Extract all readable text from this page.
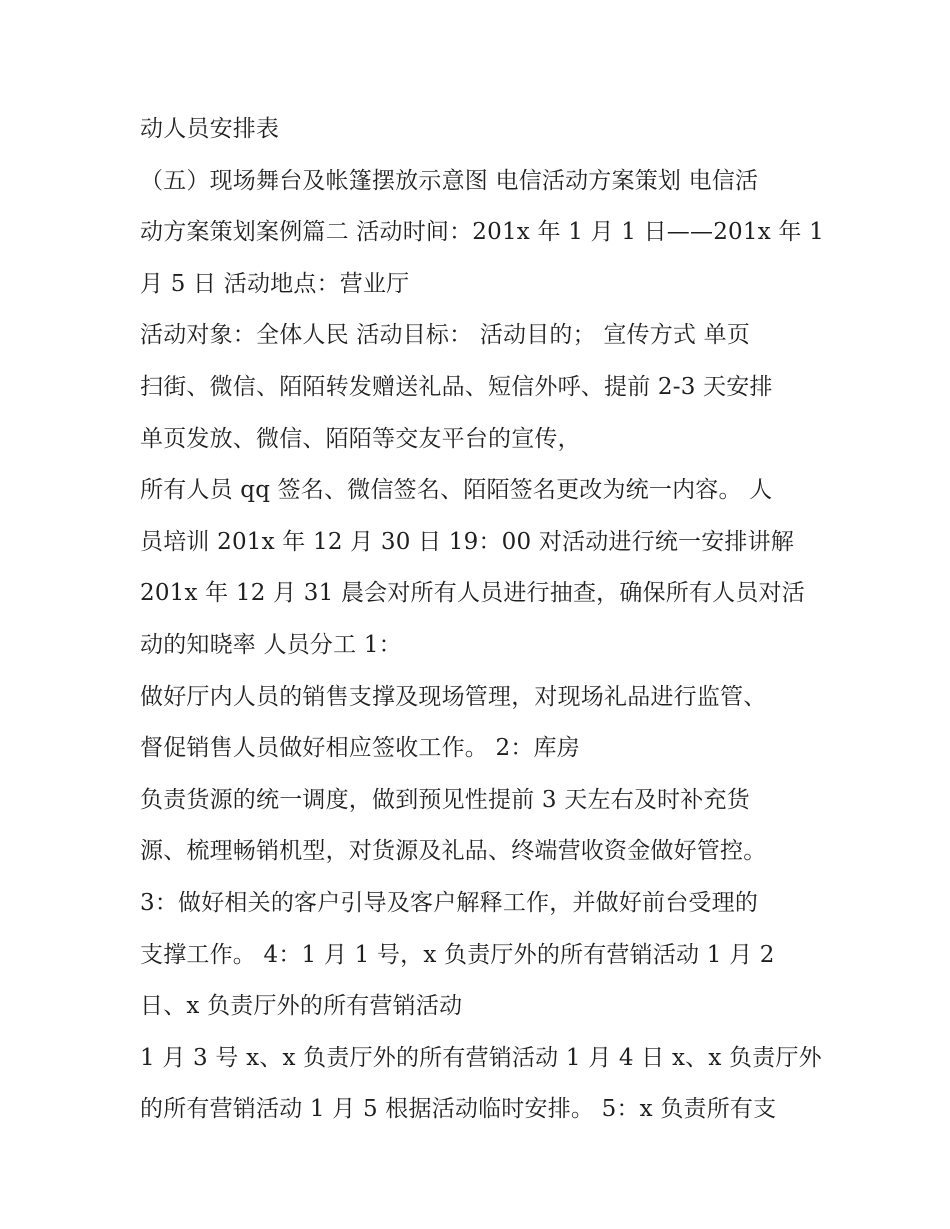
动人员安排表
（五）现场舞台及帐篷摆放示意图 电信活动方案策划 电信活
动方案策划案例篇二 活动时间：201x 年 1 月 1 日——201x 年 1
月 5 日 活动地点：营业厅
活动对象：全体人民 活动目标： 活动目的； 宣传方式 单页
扫街、微信、陌陌转发赠送礼品、短信外呼、提前 2-3 天安排
单页发放、微信、陌陌等交友平台的宣传，
所有人员 qq 签名、微信签名、陌陌签名更改为统一内容。 人
员培训 201x 年 12 月 30 日 19：00 对活动进行统一安排讲解
201x 年 12 月 31 晨会对所有人员进行抽查，确保所有人员对活
动的知晓率 人员分工 1：
做好厅内人员的销售支撑及现场管理，对现场礼品进行监管、
督促销售人员做好相应签收工作。 2：库房
负责货源的统一调度，做到预见性提前 3 天左右及时补充货
源、梳理畅销机型，对货源及礼品、终端营收资金做好管控。
3：做好相关的客户引导及客户解释工作，并做好前台受理的
支撑工作。 4：1 月 1 号，x 负责厅外的所有营销活动 1 月 2
日、x 负责厅外的所有营销活动
1 月 3 号 x、x 负责厅外的所有营销活动 1 月 4 日 x、x 负责厅外
的所有营销活动 1 月 5 根据活动临时安排。 5：x 负责所有支
